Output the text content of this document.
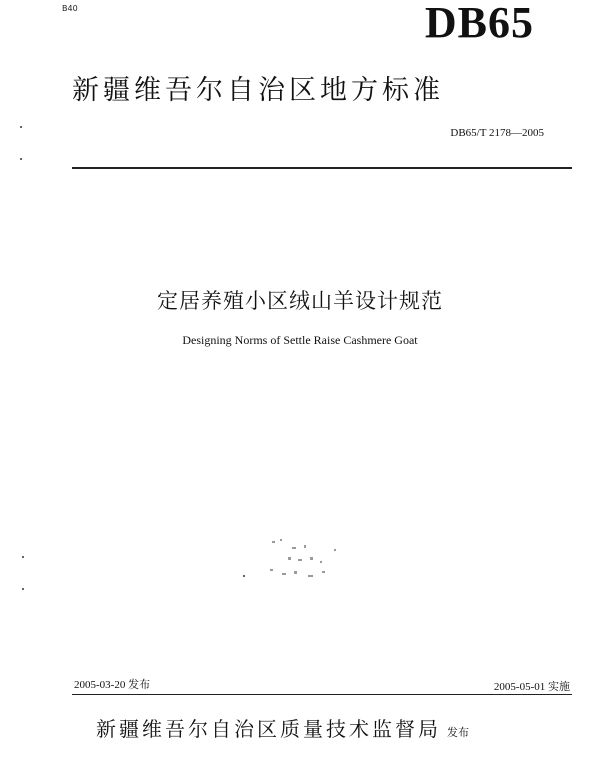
B40	DB65
新疆维吾尔自治区地方标准
DB65/T 2178—2005
定居养殖小区绒山羊设计规范
Designing Norms of Settle Raise Cashmere Goat
2005-03-20 发布	2005-05-01 实施
新疆维吾尔自治区质量技术监督局 发布
